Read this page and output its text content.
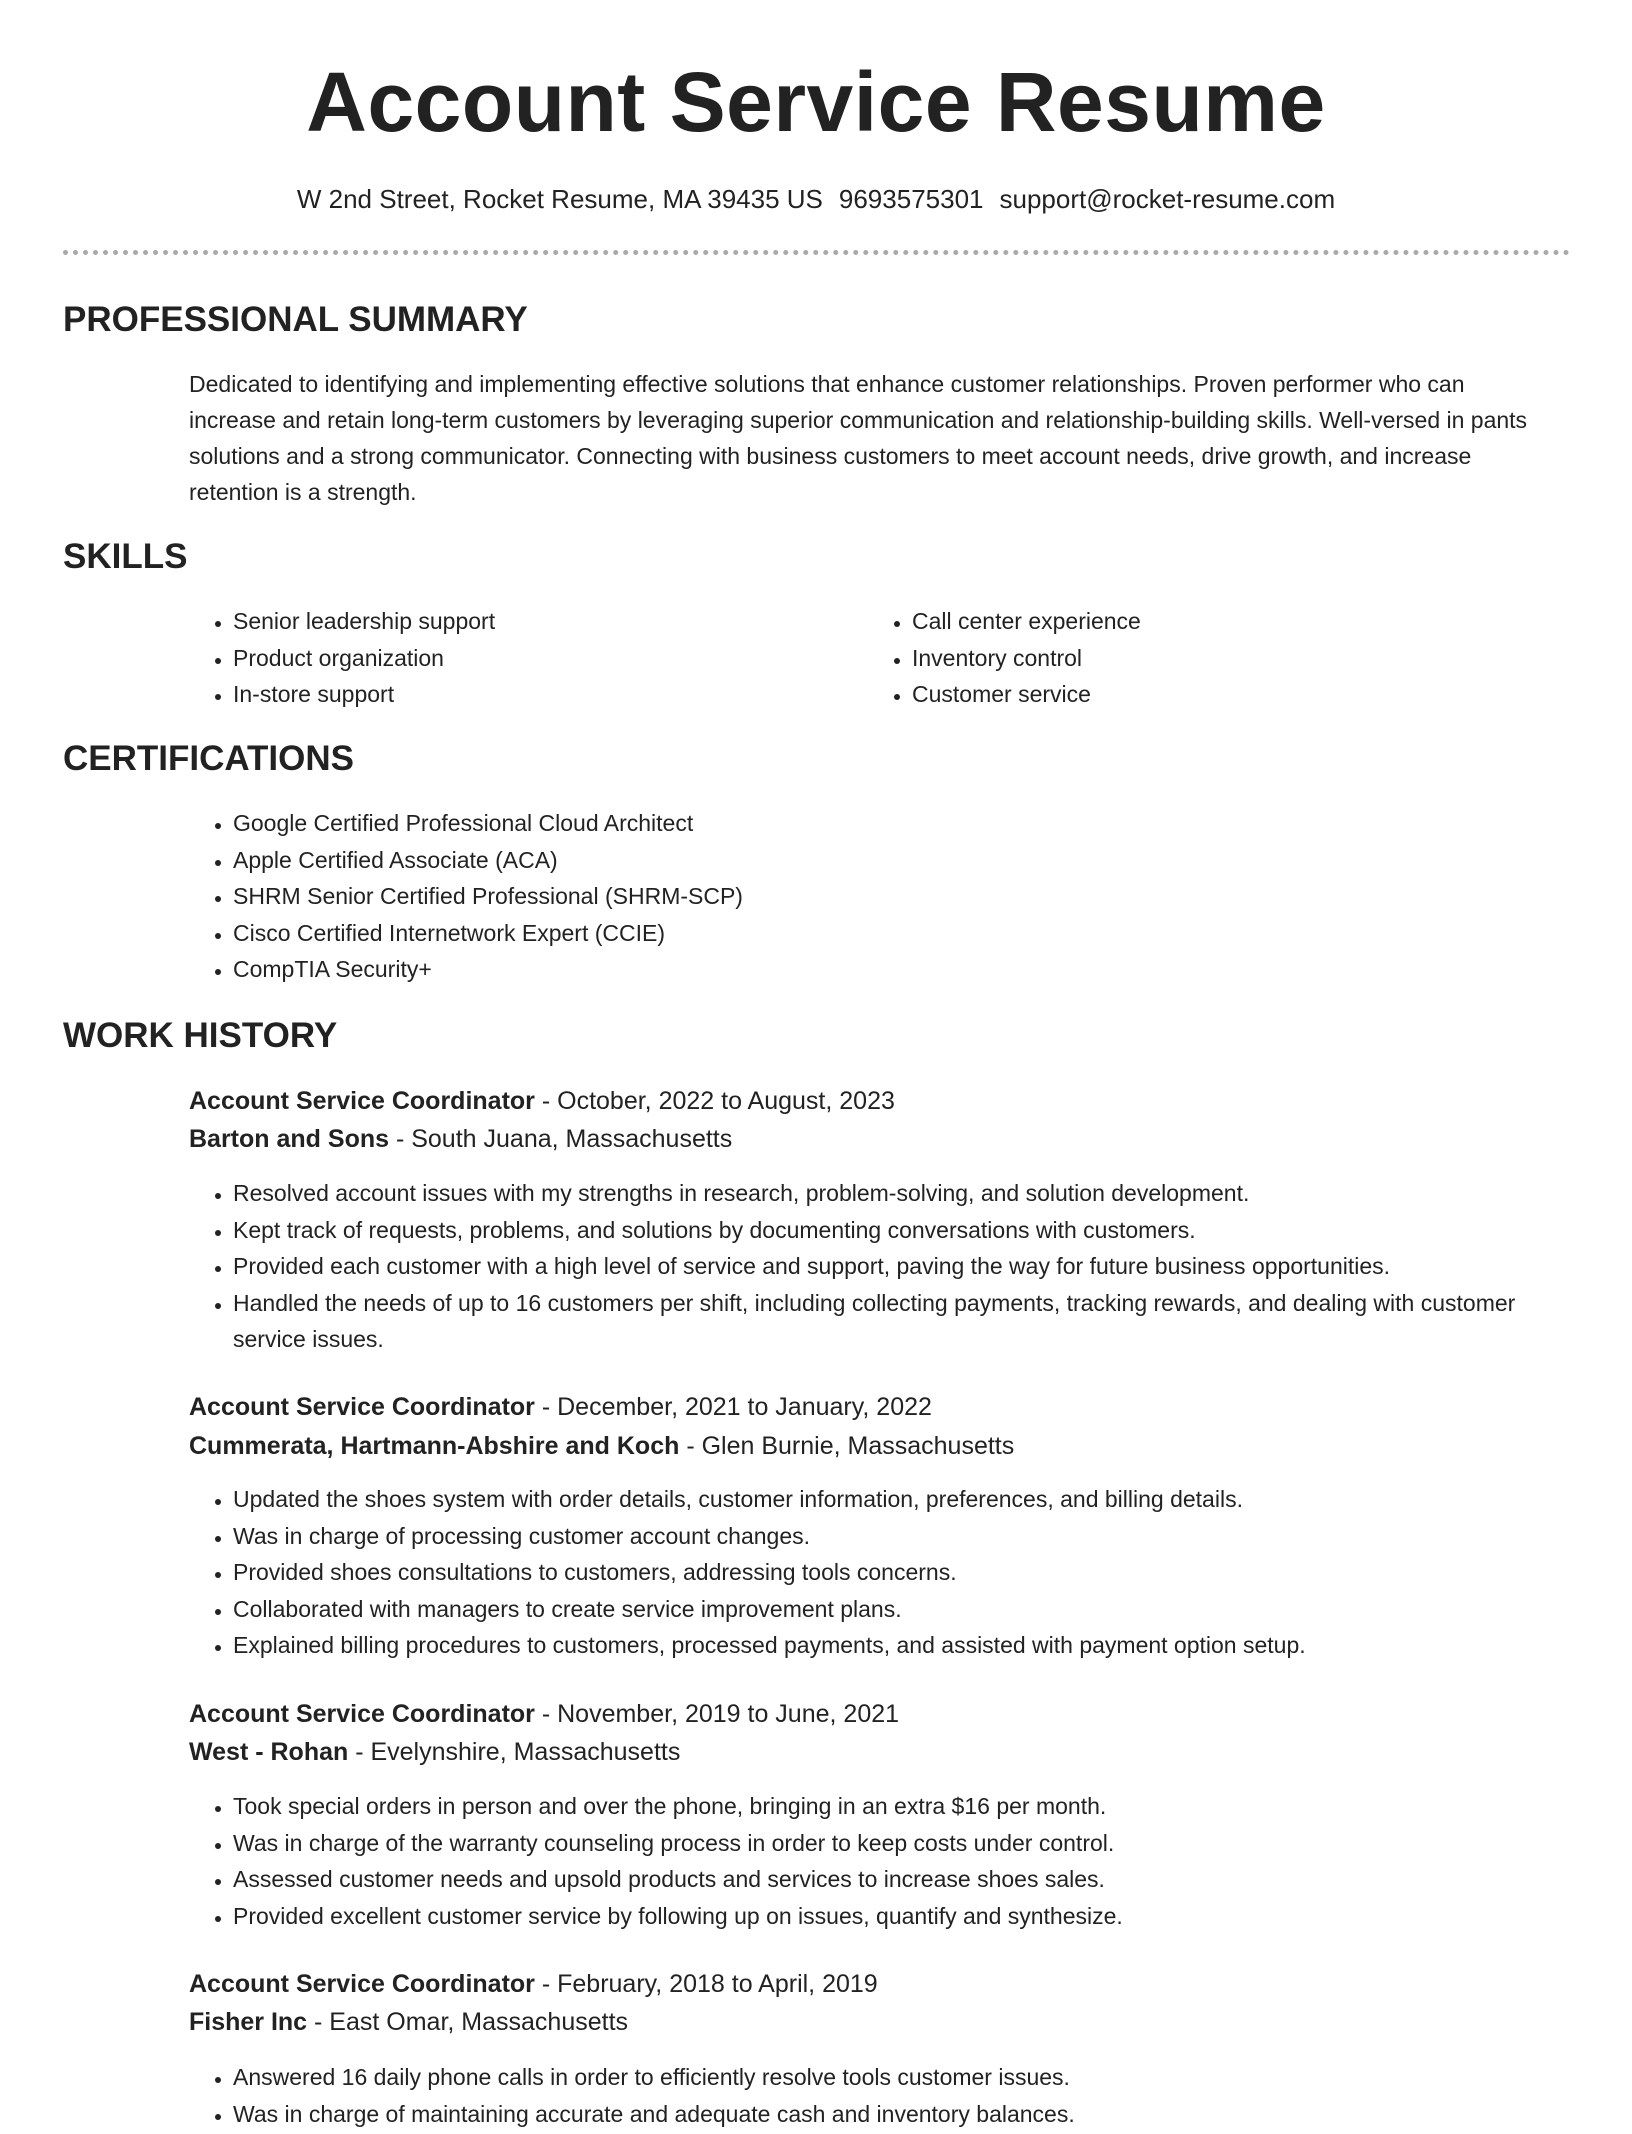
Account Service Resume
W 2nd Street, Rocket Resume, MA 39435 US 9693575301 support@rocket-resume.com
PROFESSIONAL SUMMARY
Dedicated to identifying and implementing effective solutions that enhance customer relationships. Proven performer who can increase and retain long-term customers by leveraging superior communication and relationship-building skills. Well-versed in pants solutions and a strong communicator. Connecting with business customers to meet account needs, drive growth, and increase retention is a strength.
SKILLS
• Senior leadership support
• Product organization
• In-store support
• Call center experience
• Inventory control
• Customer service
CERTIFICATIONS
• Google Certified Professional Cloud Architect
• Apple Certified Associate (ACA)
• SHRM Senior Certified Professional (SHRM-SCP)
• Cisco Certified Internetwork Expert (CCIE)
• CompTIA Security+
WORK HISTORY
Account Service Coordinator - October, 2022 to August, 2023
Barton and Sons - South Juana, Massachusetts
• Resolved account issues with my strengths in research, problem-solving, and solution development.
• Kept track of requests, problems, and solutions by documenting conversations with customers.
• Provided each customer with a high level of service and support, paving the way for future business opportunities.
• Handled the needs of up to 16 customers per shift, including collecting payments, tracking rewards, and dealing with customer service issues.
Account Service Coordinator - December, 2021 to January, 2022
Cummerata, Hartmann-Abshire and Koch - Glen Burnie, Massachusetts
• Updated the shoes system with order details, customer information, preferences, and billing details.
• Was in charge of processing customer account changes.
• Provided shoes consultations to customers, addressing tools concerns.
• Collaborated with managers to create service improvement plans.
• Explained billing procedures to customers, processed payments, and assisted with payment option setup.
Account Service Coordinator - November, 2019 to June, 2021
West - Rohan - Evelynshire, Massachusetts
• Took special orders in person and over the phone, bringing in an extra $16 per month.
• Was in charge of the warranty counseling process in order to keep costs under control.
• Assessed customer needs and upsold products and services to increase shoes sales.
• Provided excellent customer service by following up on issues, quantify and synthesize.
Account Service Coordinator - February, 2018 to April, 2019
Fisher Inc - East Omar, Massachusetts
• Answered 16 daily phone calls in order to efficiently resolve tools customer issues.
• Was in charge of maintaining accurate and adequate cash and inventory balances.
